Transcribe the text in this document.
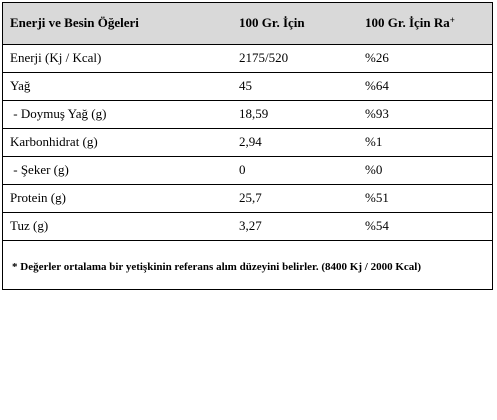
Enerji ve Besin Öğeleri	100 Gr. İçin	100 Gr. İçin Ra+
Enerji (Kj / Kcal)	2175/520	%26
Yağ	45	%64
- Doymuş Yağ (g)	18,59	%93
Karbonhidrat (g)	2,94	%1
- Şeker (g)	0	%0
Protein (g)	25,7	%51
Tuz (g)	3,27	%54
* Değerler ortalama bir yetişkinin referans alım düzeyini belirler. (8400 Kj / 2000 Kcal)
